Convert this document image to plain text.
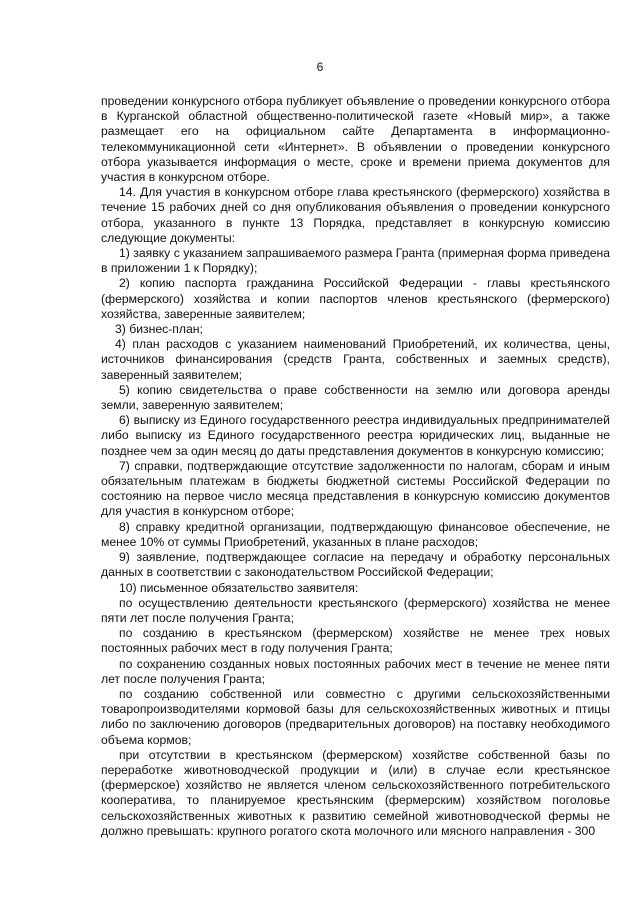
6

проведении конкурсного отбора публикует объявление о проведении конкурсного отбора в Курганской областной общественно-политической газете «Новый мир», а также размещает его на официальном сайте Департамента в информационно-телекоммуникационной сети «Интернет». В объявлении о проведении конкурсного отбора указывается информация о месте, сроке и времени приема документов для участия в конкурсном отборе.

14. Для участия в конкурсном отборе глава крестьянского (фермерского) хозяйства в течение 15 рабочих дней со дня опубликования объявления о проведении конкурсного отбора, указанного в пункте 13 Порядка, представляет в конкурсную комиссию следующие документы:

1) заявку с указанием запрашиваемого размера Гранта (примерная форма приведена в приложении 1 к Порядку);

2) копию паспорта гражданина Российской Федерации - главы крестьянского (фермерского) хозяйства и копии паспортов членов крестьянского (фермерского) хозяйства, заверенные заявителем;

3) бизнес-план;

4) план расходов с указанием наименований Приобретений, их количества, цены, источников финансирования (средств Гранта, собственных и заемных средств), заверенный заявителем;

5) копию свидетельства о праве собственности на землю или договора аренды земли, заверенную заявителем;

6) выписку из Единого государственного реестра индивидуальных предпринимателей либо выписку из Единого государственного реестра юридических лиц, выданные не позднее чем за один месяц до даты представления документов в конкурсную комиссию;

7) справки, подтверждающие отсутствие задолженности по налогам, сборам и иным обязательным платежам в бюджеты бюджетной системы Российской Федерации по состоянию на первое число месяца представления в конкурсную комиссию документов для участия в конкурсном отборе;

8) справку кредитной организации, подтверждающую финансовое обеспечение, не менее 10% от суммы Приобретений, указанных в плане расходов;

9) заявление, подтверждающее согласие на передачу и обработку персональных данных в соответствии с законодательством Российской Федерации;

10) письменное обязательство заявителя:

по осуществлению деятельности крестьянского (фермерского) хозяйства не менее пяти лет после получения Гранта;

по созданию в крестьянском (фермерском) хозяйстве не менее трех новых постоянных рабочих мест в году получения Гранта;

по сохранению созданных новых постоянных рабочих мест в течение не менее пяти лет после получения Гранта;

по созданию собственной или совместно с другими сельскохозяйственными товаропроизводителями кормовой базы для сельскохозяйственных животных и птицы либо по заключению договоров (предварительных договоров) на поставку необходимого объема кормов;

при отсутствии в крестьянском (фермерском) хозяйстве собственной базы по переработке животноводческой продукции и (или) в случае если крестьянское (фермерское) хозяйство не является членом сельскохозяйственного потребительского кооператива, то планируемое крестьянским (фермерским) хозяйством поголовье сельскохозяйственных животных к развитию семейной животноводческой фермы не должно превышать: крупного рогатого скота молочного или мясного направления - 300
